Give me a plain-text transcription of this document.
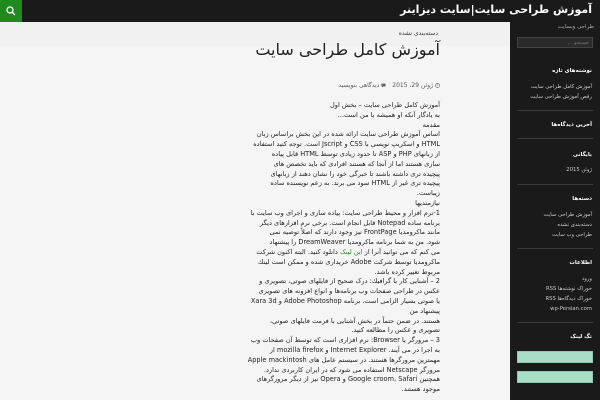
آموزش طراحی سایت|سایت دیزاینر
دسته‌بندی نشده
آموزش کامل طراحی سایت
ژوئن 29، 2015
دیدگاهی بنویسید

آموزش كامل طراحی سايت – بخش اول

به یادگار آنكه او همیشه با من است...

مقدمه

اساس آموزش طراحی سایت ارائه شده در این بخش براساس زبان

HTML و اسكریپ نویسی با CSS و Jscript است. توجه كنید استفاده

از زبانهای PHP و ASP تا حدود زیادی توسط HTML قابل پیاده

سازی هستند اما از آنجا كه هستند افرادی كه باید تخصص های

پیچیده تری داشته باشند تا خبرگی خود را نشان دهند از زبانهای

پیچیده تری غیر از HTML سود می برند. به زعم نویسنده ساده

زیباست.

نیازمندیها

1-نرم افزار و محیط طراحی سایت: پیاده سازی و اجرای وب سایت با

برنامه ساده Notepad قابل انجام است. برخی نرم افزارهای دیگر

مانند ماكرومدیا FrontPage نیز وجود دارند كه اصلاً توصیه نمی

شود. من به شما برنامه ماكرومدیا DreamWeaver را پیشنهاد

می كنم كه می توانید آنرا از این لینک دانلود كنید. البته اکنون شرکت

ماكرومدیا توسط شركت Adobe خریداری شده و ممكن است لینك

مربوط تغییر كرده باشد.

2 – آشنایی كار با گرافیك: درک صحیح از فایلهای صوتی، تصویری و

عكس در طراحی صفحات وب برنامه‌ها و انواع افزونه های تصویری

یا صوتی بسیار الزامی است. برنامه Adobe Photoshop و Xara 3d پیشنهاد من

هستند. در ضمن حتماً در بخش آشنایی با فرمت فایلهای صوتی،

تصویری و عكس را مطالعه كنید.

3 – مرورگر یا Browser: نرم افزاری است كه توسط آن صفحات وب

به اجرا در می آیند. Internet Explorer و mozilla firefox از

مهمترین مرورگرها هستند. در سیستم عامل های Apple mackintosh

مرورگر Netscape استفاده می شود كه در ایران كاربردی ندارد.

همچنین Google croom، Safari و Opera نیز از دیگر مرورگرهای

موجود هستند.

طراحی وبسایت
جستجو …
نوشته‌های تازه
آموزش کامل طراحی سایت
رقص آموزش طراحی سایت
آخرین دیدگاه‌ها
بایگانی
ژوئن 2015
دسته‌ها
آموزش طراحی سایت
دسته‌بندی نشده
طراحی وب سایت
اطلاعات
ورود
خوراک نوشته‌ها RSS
خوراک دیدگاه‌ها RSS
wp-Persian.com
تگ لینک
